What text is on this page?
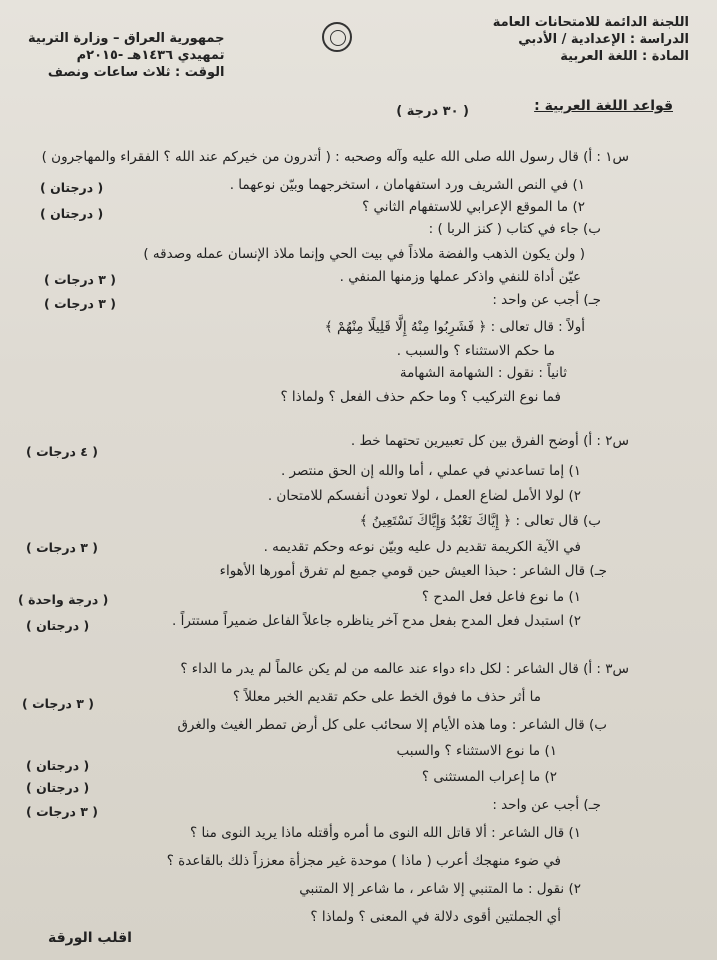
اللجنة الدائمة للامتحانات العامة
الدراسة : الإعدادية / الأدبي
المادة : اللغة العربية
جمهورية العراق – وزارة التربية
تمهيدي ١٤٣٦هـ -٢٠١٥م
الوقت : ثلاث ساعات ونصف
قواعد اللغة العربية :
( ٣٠ درجة )
س١ : أ) قال رسول الله صلى الله عليه وآله وصحبه : ( أتدرون من خيركم عند الله ؟ الفقراء والمهاجرون )
١) في النص الشريف ورد استفهامان ، استخرجهما وبيّن نوعهما .
٢) ما الموقع الإعرابي للاستفهام الثاني ؟
ب) جاء في كتاب ( كنز الربا ) :
( ولن يكون الذهب والفضة ملاذاً في بيت الحي وإنما ملاذ الإنسان عمله وصدقه )
عيّن أداة للنفي واذكر عملها وزمنها المنفي .
جـ) أجب عن واحد :
أولاً : قال تعالى : ﴿ فَشَرِبُوا مِنْهُ إِلَّا قَلِيلًا مِنْهُمْ ﴾
ما حكم الاستثناء ؟ والسبب .
ثانياً : نقول : الشهامة الشهامة
فما نوع التركيب ؟ وما حكم حذف الفعل ؟ ولماذا ؟
س٢ : أ) أوضح الفرق بين كل تعبيرين تحتهما خط .
١) إما تساعدني في عملي ، أما والله إن الحق منتصر .
٢) لولا الأمل لضاع العمل ، لولا تعودن أنفسكم للامتحان .
ب) قال تعالى : ﴿ إِيَّاكَ نَعْبُدُ وَإِيَّاكَ نَسْتَعِينُ ﴾
في الآية الكريمة تقديم دل عليه وبيّن نوعه وحكم تقديمه .
جـ) قال الشاعر : حبذا العيش حين قومي جميع لم تفرق أمورها الأهواء
١) ما نوع فاعل فعل المدح ؟
٢) استبدل فعل المدح بفعل مدح آخر يناظره جاعلاً الفاعل ضميراً مستتراً .
س٣ : أ) قال الشاعر : لكل داء دواء عند عالمه من لم يكن عالماً لم يدر ما الداء ؟
ما أثر حذف ما فوق الخط على حكم تقديم الخبر معللاً ؟
ب) قال الشاعر : وما هذه الأيام إلا سحائب على كل أرض تمطر الغيث والغرق
١) ما نوع الاستثناء ؟ والسبب
٢) ما إعراب المستثنى ؟
جـ) أجب عن واحد :
١) قال الشاعر : ألا قاتل الله النوى ما أمره وأقتله ماذا يريد النوى منا ؟
في ضوء منهجك أعرب ( ماذا ) موحدة غير مجزأة معززاً ذلك بالقاعدة ؟
٢) نقول : ما المتنبي إلا شاعر ، ما شاعر إلا المتنبي
أي الجملتين أقوى دلالة في المعنى ؟ ولماذا ؟
( درجتان )
( درجتان )
( ٣ درجات )
( ٣ درجات )
( ٤ درجات )
( ٣ درجات )
( درجة واحدة )
( درجتان )
( ٣ درجات )
( درجتان )
( درجتان )
( ٣ درجات )
اقلب الورقة
